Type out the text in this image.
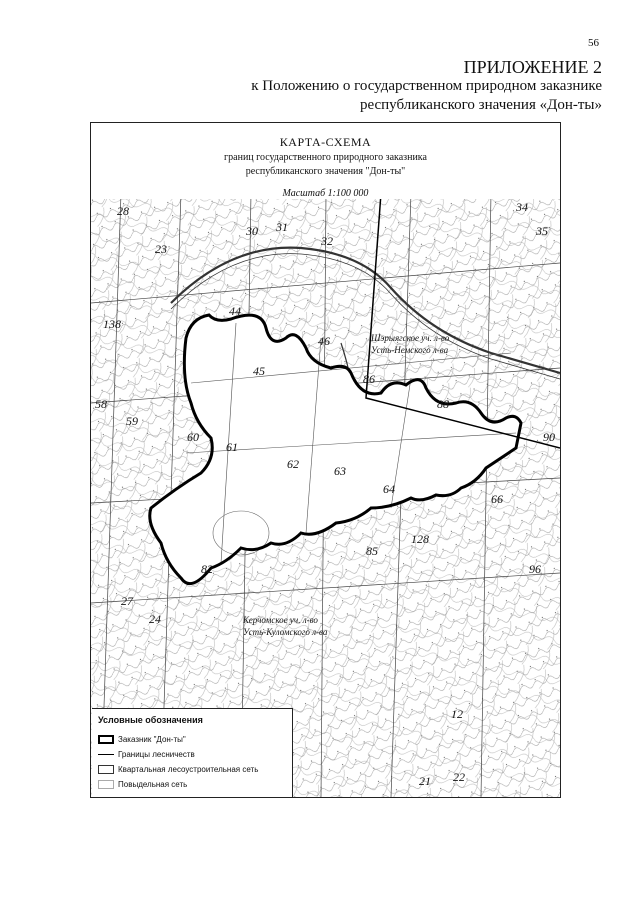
56
ПРИЛОЖЕНИЕ 2
к Положению о государственном природном заказнике
республиканского значения «Дон-ты»
28
30 31
32
34
35
44
45
46
58
59
60
61
62	63
64
66
82
85
86
88
90
96
12
21 22
23
24
27
138
128
Шэрыягское уч. л-во
Усть-Немского л-ва
Керчомское уч. л-во
Усть-Куломского л-ва
КАРТА-СХЕМА
границ государственного природного заказника
республиканского значения "Дон-ты"
Масштаб 1:100 000
Условные обозначения
Заказник "Дон-ты"
Границы лесничеств
Квартальная лесоустроительная сеть
Повыдельная сеть
